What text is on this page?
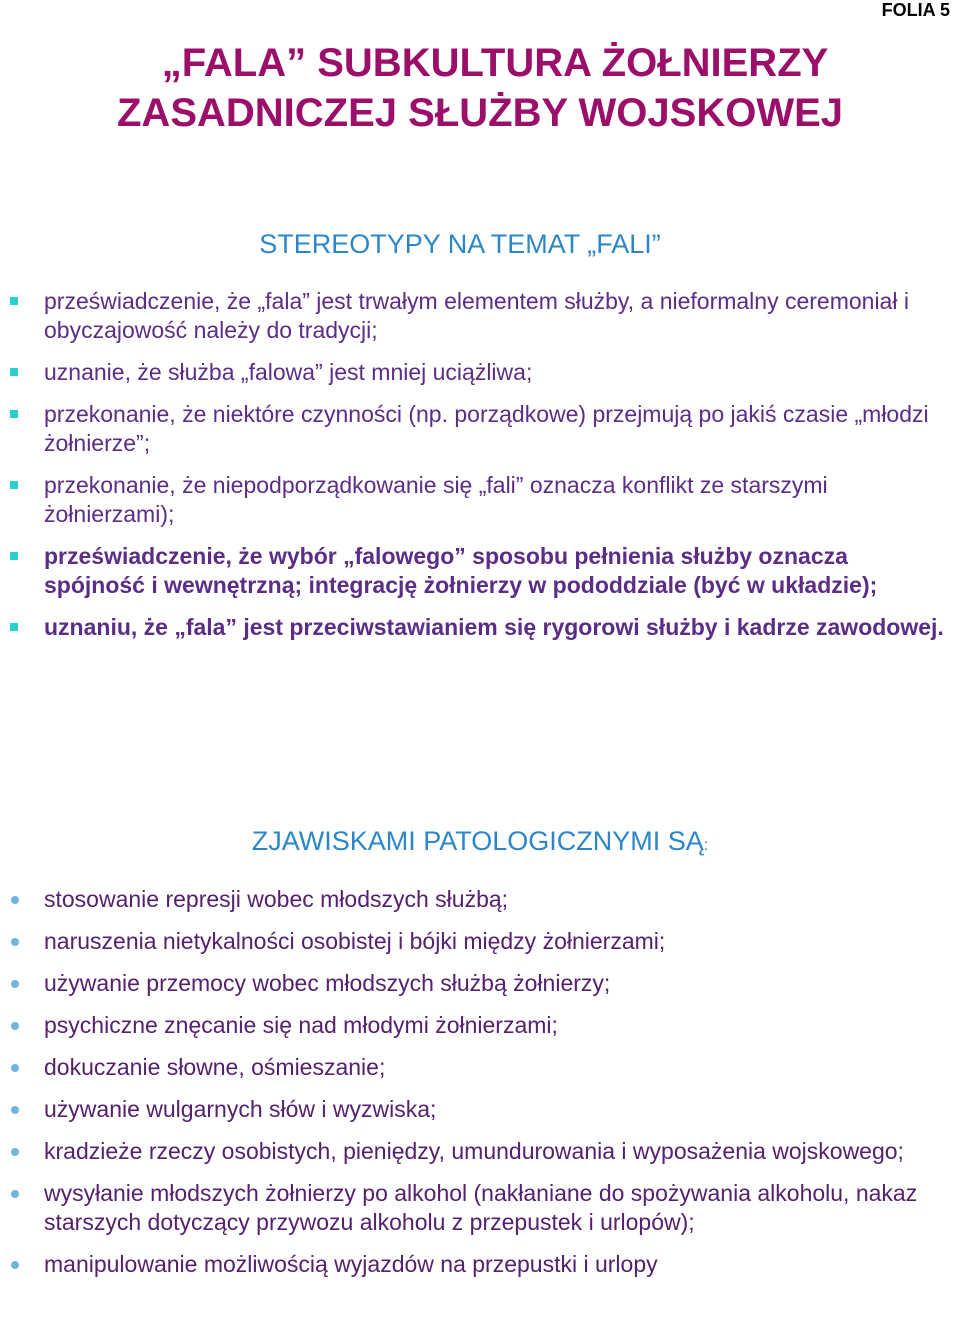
FOLIA 5
„FALA” SUBKULTURA ŻOŁNIERZY
ZASADNICZEJ SŁUŻBY WOJSKOWEJ
STEREOTYPY NA TEMAT „FALI”
przeświadczenie, że „fala” jest trwałym elementem służby, a nieformalny ceremoniał i obyczajowość należy do tradycji;
uznanie, że służba „falowa” jest mniej uciążliwa;
przekonanie, że niektóre czynności (np. porządkowe) przejmują po jakiś czasie „młodzi żołnierze”;
przekonanie, że niepodporządkowanie się „fali” oznacza konflikt ze starszymi żołnierzami);
przeświadczenie, że wybór „falowego” sposobu pełnienia służby oznacza spójność i wewnętrzną; integrację żołnierzy w pododdziale (być w układzie);
uznaniu, że „fala” jest przeciwstawianiem się rygorowi służby i kadrze zawodowej.
ZJAWISKAMI PATOLOGICZNYMI SĄ:
stosowanie represji wobec młodszych służbą;
naruszenia nietykalności osobistej i bójki między żołnierzami;
używanie przemocy wobec młodszych służbą żołnierzy;
psychiczne znęcanie się nad młodymi żołnierzami;
dokuczanie słowne, ośmieszanie;
używanie wulgarnych słów i wyzwiska;
kradzieże rzeczy osobistych, pieniędzy, umundurowania i wyposażenia wojskowego;
wysyłanie młodszych żołnierzy po alkohol (nakłaniane do spożywania alkoholu, nakaz starszych dotyczący przywozu alkoholu z przepustek i urlopów);
manipulowanie możliwością wyjazdów na przepustki i urlopy
